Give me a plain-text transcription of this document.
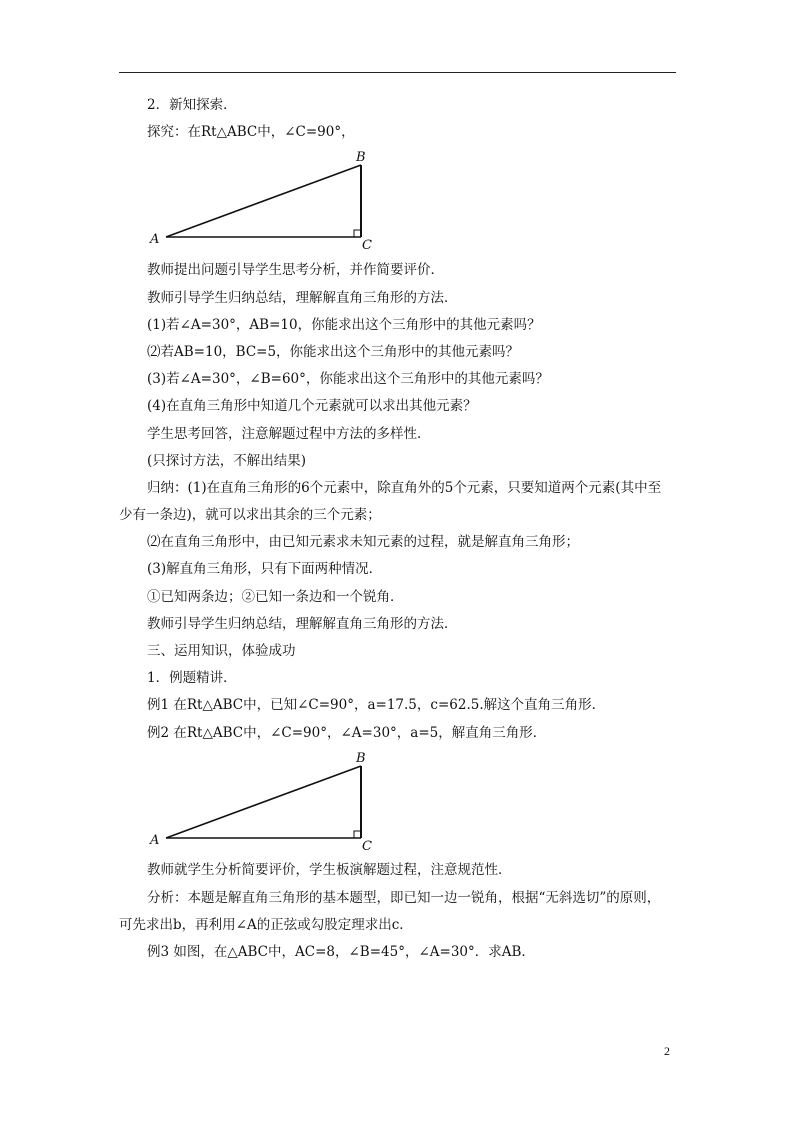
2．新知探索．
探究：在Rt△ABC中，∠C=90°，
A
B
C
教师提出问题引导学生思考分析，并作简要评价．
教师引导学生归纳总结，理解解直角三角形的方法．
(1)若∠A=30°，AB=10，你能求出这个三角形中的其他元素吗？
⑵若AB=10，BC=5，你能求出这个三角形中的其他元素吗？
(3)若∠A=30°，∠B=60°，你能求出这个三角形中的其他元素吗？
(4)在直角三角形中知道几个元素就可以求出其他元素？
学生思考回答，注意解题过程中方法的多样性．
(只探讨方法，不解出结果)
归纳：(1)在直角三角形的6个元素中，除直角外的5个元素，只要知道两个元素(其中至
少有一条边)，就可以求出其余的三个元素；
⑵在直角三角形中，由已知元素求未知元素的过程，就是解直角三角形；
(3)解直角三角形，只有下面两种情况．
①已知两条边；②已知一条边和一个锐角．
教师引导学生归纳总结，理解解直角三角形的方法．
三、运用知识，体验成功
1．例题精讲．
例1 在Rt△ABC中，已知∠C=90°，a=17.5，c=62.5.解这个直角三角形．
例2 在Rt△ABC中，∠C=90°，∠A=30°，a=5，解直角三角形．
A
B
C
教师就学生分析简要评价，学生板演解题过程，注意规范性．
分析：本题是解直角三角形的基本题型，即已知一边一锐角，根据“无斜选切”的原则，
可先求出b，再利用∠A的正弦或勾股定理求出c．
例3 如图，在△ABC中，AC=8，∠B=45°，∠A=30°．求AB．
2
